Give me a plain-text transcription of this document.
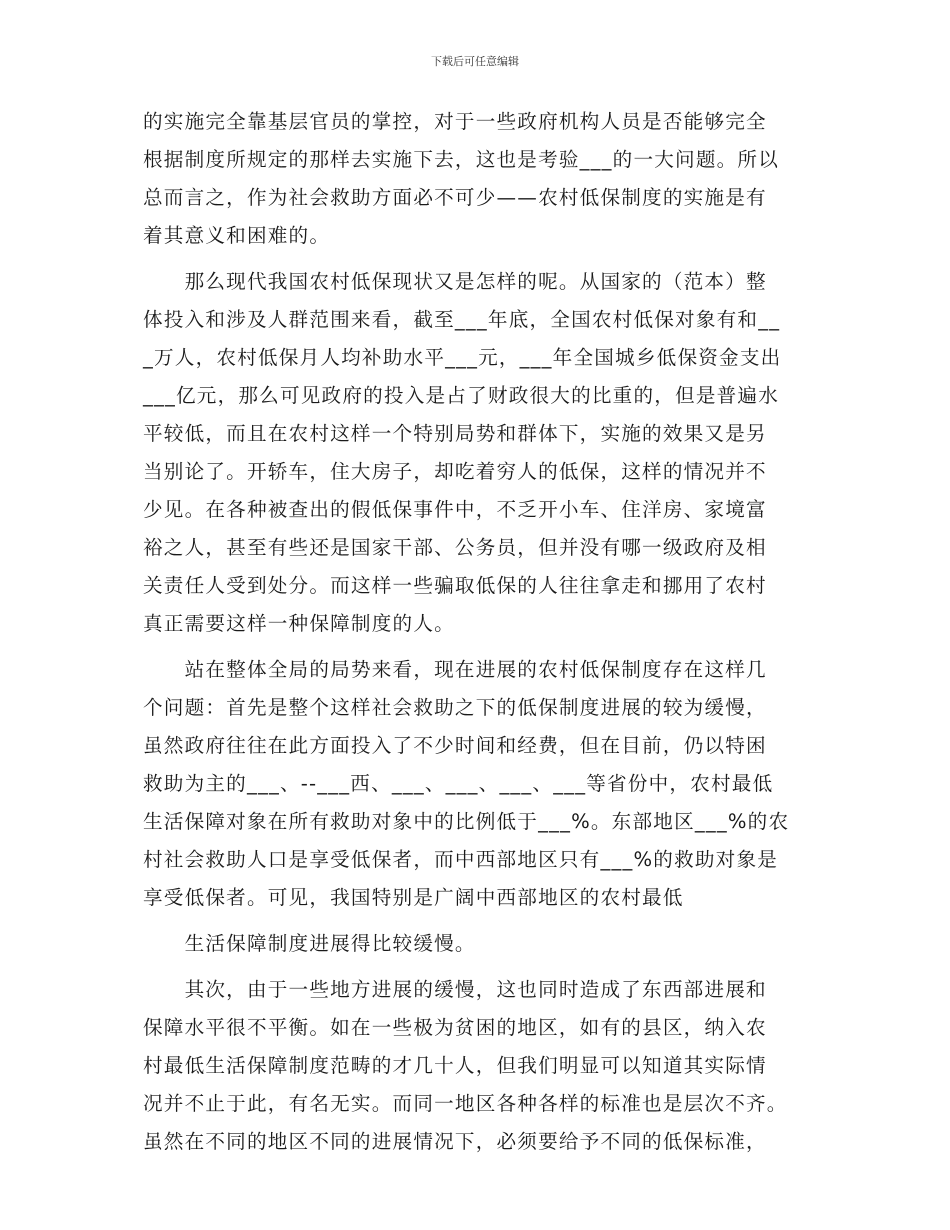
下载后可任意编辑
的实施完全靠基层官员的掌控，对于一些政府机构人员是否能够完全
根据制度所规定的那样去实施下去，这也是考验___的一大问题。所以
总而言之，作为社会救助方面必不可少——农村低保制度的实施是有
着其意义和困难的。
　　那么现代我国农村低保现状又是怎样的呢。从国家的（范本）整
体投入和涉及人群范围来看，截至___年底，全国农村低保对象有和__
_万人，农村低保月人均补助水平___元，___年全国城乡低保资金支出
___亿元，那么可见政府的投入是占了财政很大的比重的，但是普遍水
平较低，而且在农村这样一个特别局势和群体下，实施的效果又是另
当别论了。开轿车，住大房子，却吃着穷人的低保，这样的情况并不
少见。在各种被查出的假低保事件中，不乏开小车、住洋房、家境富
裕之人，甚至有些还是国家干部、公务员，但并没有哪一级政府及相
关责任人受到处分。而这样一些骗取低保的人往往拿走和挪用了农村
真正需要这样一种保障制度的人。
　　站在整体全局的局势来看，现在进展的农村低保制度存在这样几
个问题：首先是整个这样社会救助之下的低保制度进展的较为缓慢，
虽然政府往往在此方面投入了不少时间和经费，但在目前，仍以特困
救助为主的___、--___西、___、___、___、___等省份中，农村最低
生活保障对象在所有救助对象中的比例低于___%。东部地区___%的农
村社会救助人口是享受低保者，而中西部地区只有___%的救助对象是
享受低保者。可见，我国特别是广阔中西部地区的农村最低
　　生活保障制度进展得比较缓慢。
　　其次，由于一些地方进展的缓慢，这也同时造成了东西部进展和
保障水平很不平衡。如在一些极为贫困的地区，如有的县区，纳入农
村最低生活保障制度范畴的才几十人，但我们明显可以知道其实际情
况并不止于此，有名无实。而同一地区各种各样的标准也是层次不齐。
虽然在不同的地区不同的进展情况下，必须要给予不同的低保标准，
